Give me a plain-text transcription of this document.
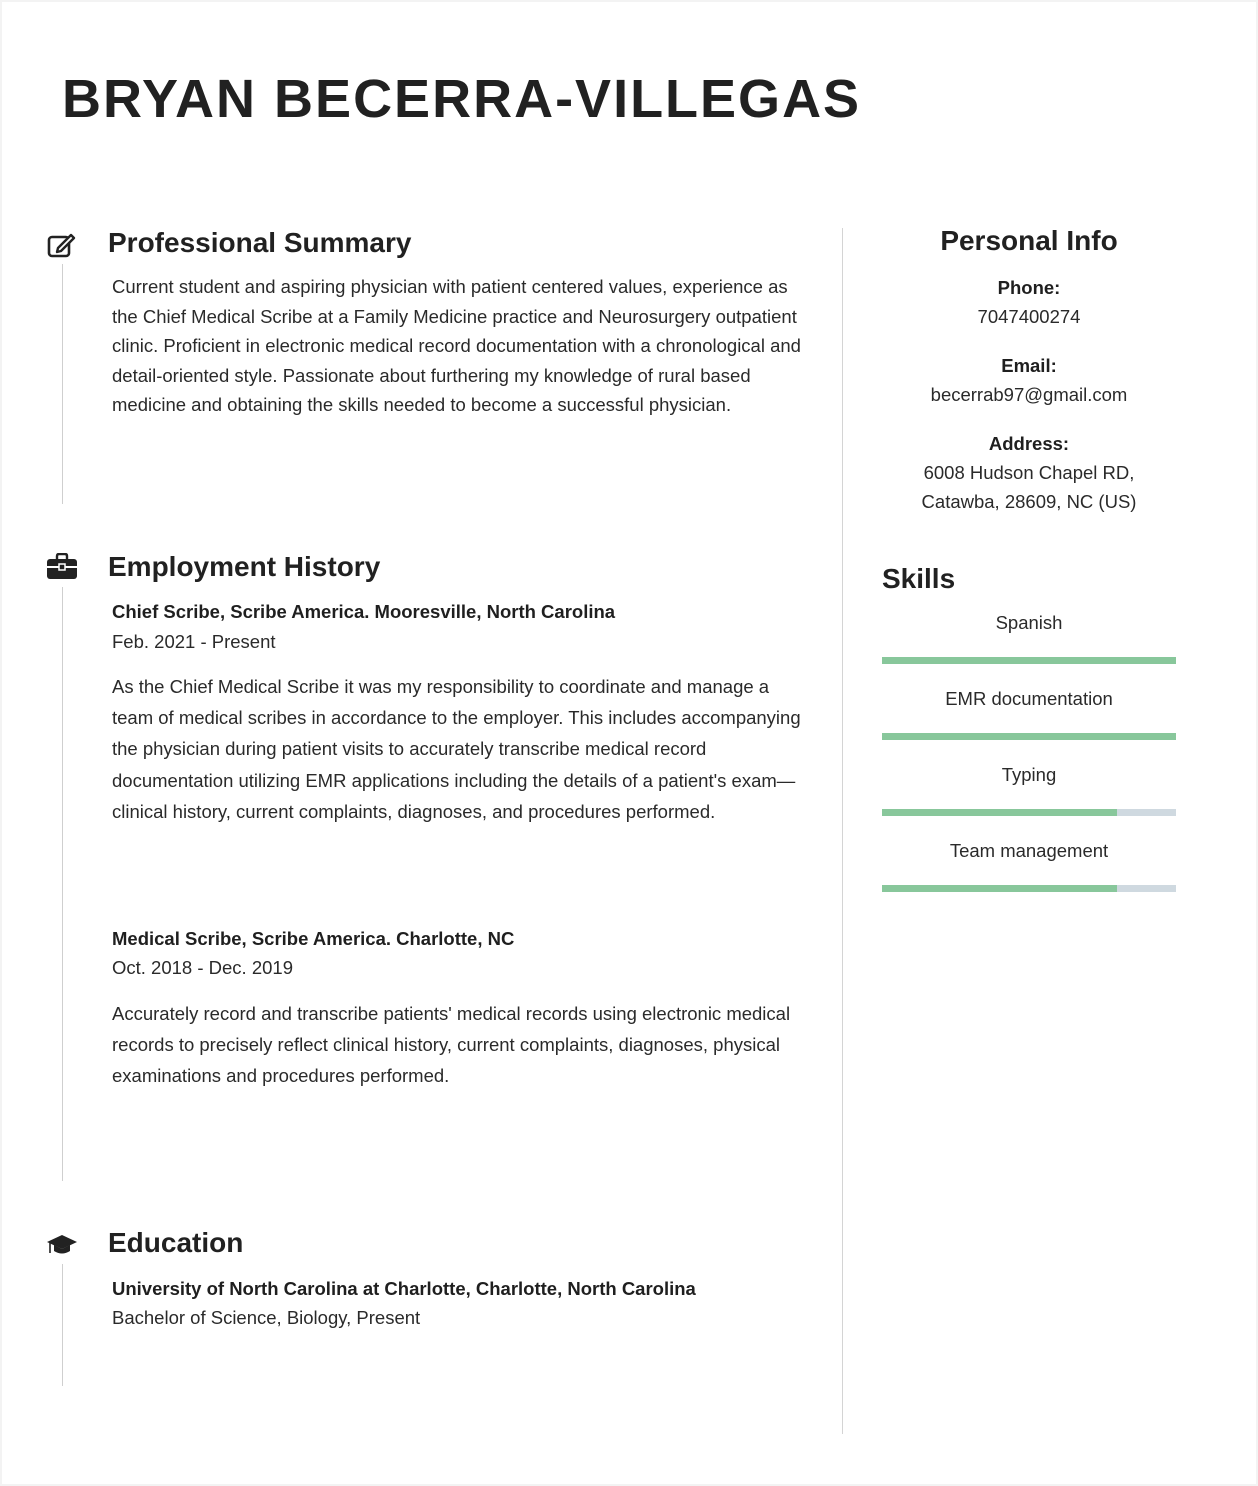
BRYAN BECERRA-VILLEGAS
Professional Summary

Current student and aspiring physician with patient centered values, experience as the Chief Medical Scribe at a Family Medicine practice and Neurosurgery outpatient clinic. Proficient in electronic medical record documentation with a chronological and detail-oriented style. Passionate about furthering my knowledge of rural based medicine and obtaining the skills needed to become a successful physician.

Employment History
Chief Scribe, Scribe America. Mooresville, North Carolina
Feb. 2021 - Present

As the Chief Medical Scribe it was my responsibility to coordinate and manage a team of medical scribes in accordance to the employer. This includes accompanying the physician during patient visits to accurately transcribe medical record documentation utilizing EMR applications including the details of a patient's exam—clinical history, current complaints, diagnoses, and procedures performed.

Medical Scribe, Scribe America. Charlotte, NC
Oct. 2018 - Dec. 2019

Accurately record and transcribe patients' medical records using electronic medical records to precisely reflect clinical history, current complaints, diagnoses, physical examinations and procedures performed.

Education
University of North Carolina at Charlotte, Charlotte, North Carolina
Bachelor of Science, Biology, Present
Personal Info
Phone:
7047400274
Email:
becerrab97@gmail.com
Address:
6008 Hudson Chapel RD,
Catawba, 28609, NC (US)
Skills
Spanish
EMR documentation
Typing
Team management
